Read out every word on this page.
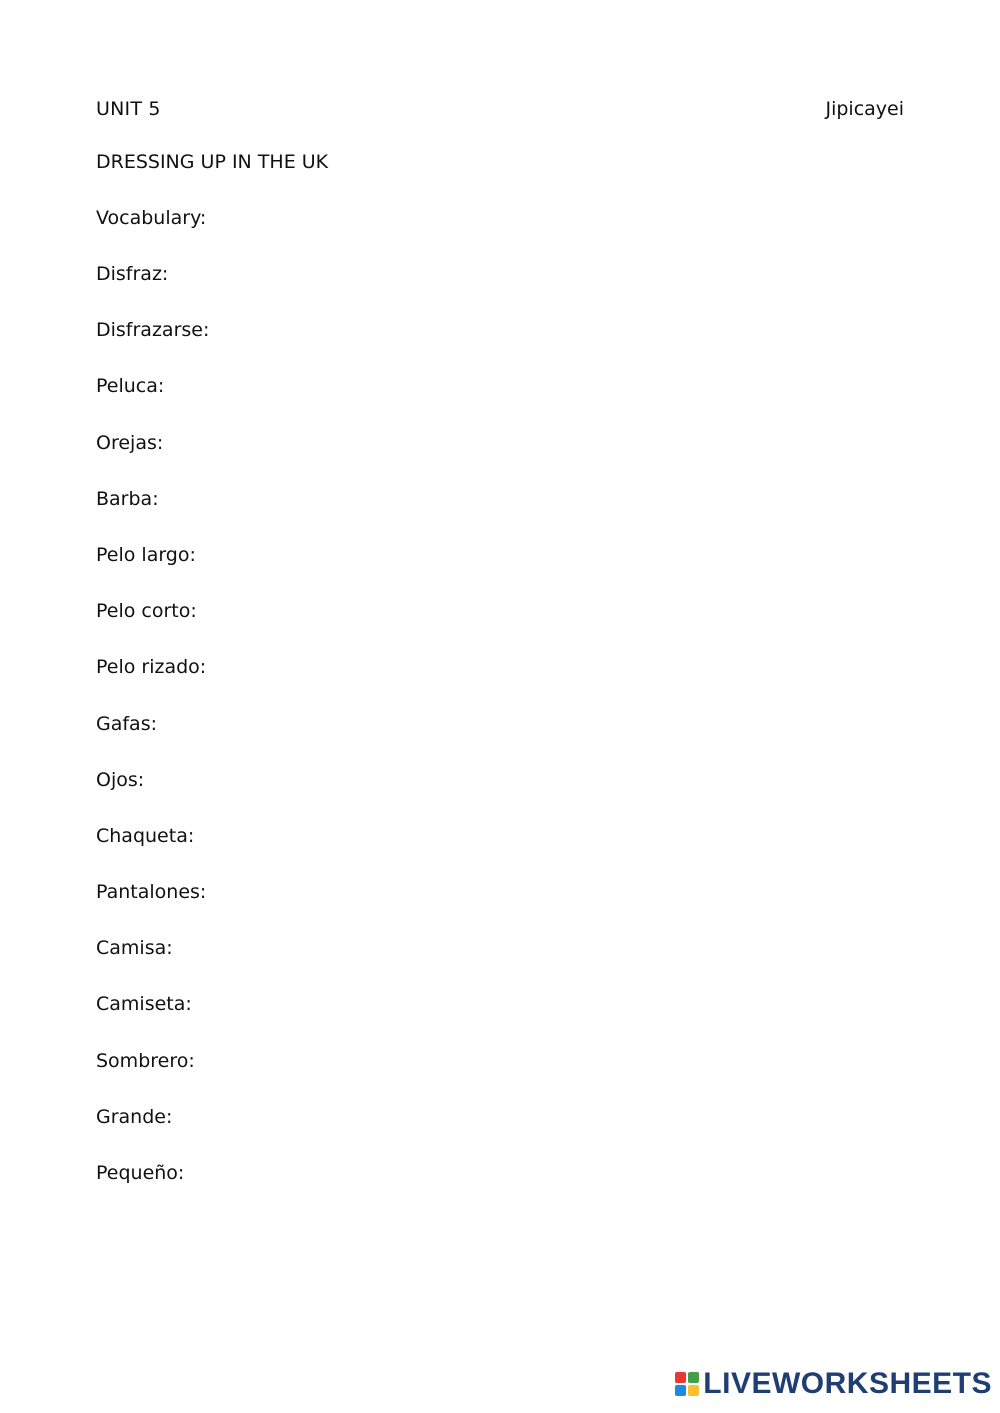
UNIT 5	Jipicayei
DRESSING UP IN THE UK
Vocabulary:
Disfraz:
Disfrazarse:
Peluca:
Orejas:
Barba:
Pelo largo:
Pelo corto:
Pelo rizado:
Gafas:
Ojos:
Chaqueta:
Pantalones:
Camisa:
Camiseta:
Sombrero:
Grande:
Pequeño:
LIVEWORKSHEETS
